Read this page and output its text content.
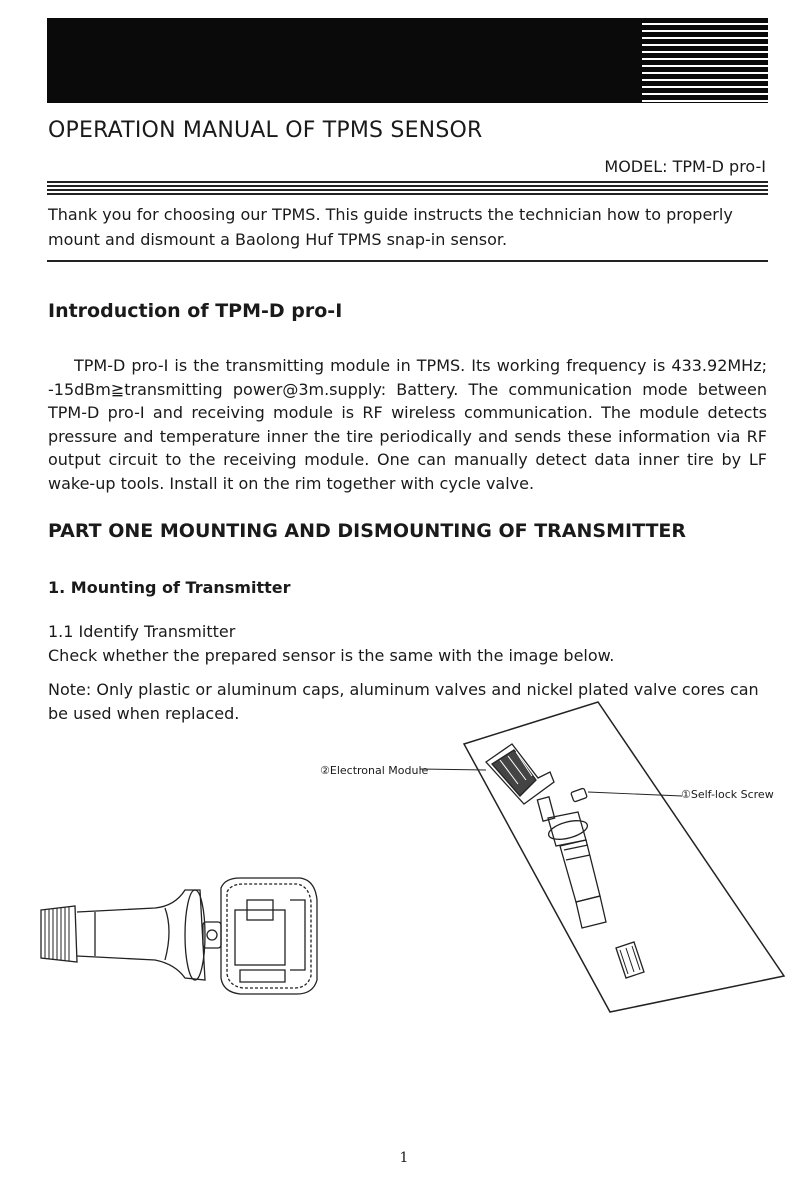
OPERATION MANUAL OF TPMS SENSOR
MODEL: TPM-D pro-I
Thank you for choosing our TPMS. This guide instructs the technician how to properly mount and dismount a Baolong Huf TPMS snap-in sensor.
Introduction of TPM-D pro-I
TPM-D pro-I is the transmitting module in TPMS. Its working frequency is 433.92MHz; -15dBm≧transmitting power@3m.supply: Battery. The communication mode between TPM-D pro-I and receiving module is RF wireless communication. The module detects pressure and temperature inner the tire periodically and sends these information via RF output circuit to the receiving module. One can manually detect data inner tire by LF wake-up tools. Install it on the rim together with cycle valve.
PART ONE MOUNTING AND DISMOUNTING OF TRANSMITTER
1. Mounting of Transmitter
1.1 Identify Transmitter
Check whether the prepared sensor is the same with the image below.
Note: Only plastic or aluminum caps, aluminum valves and nickel plated valve cores can be used when replaced.
②Electronal Module
①Self-lock Screw
1
